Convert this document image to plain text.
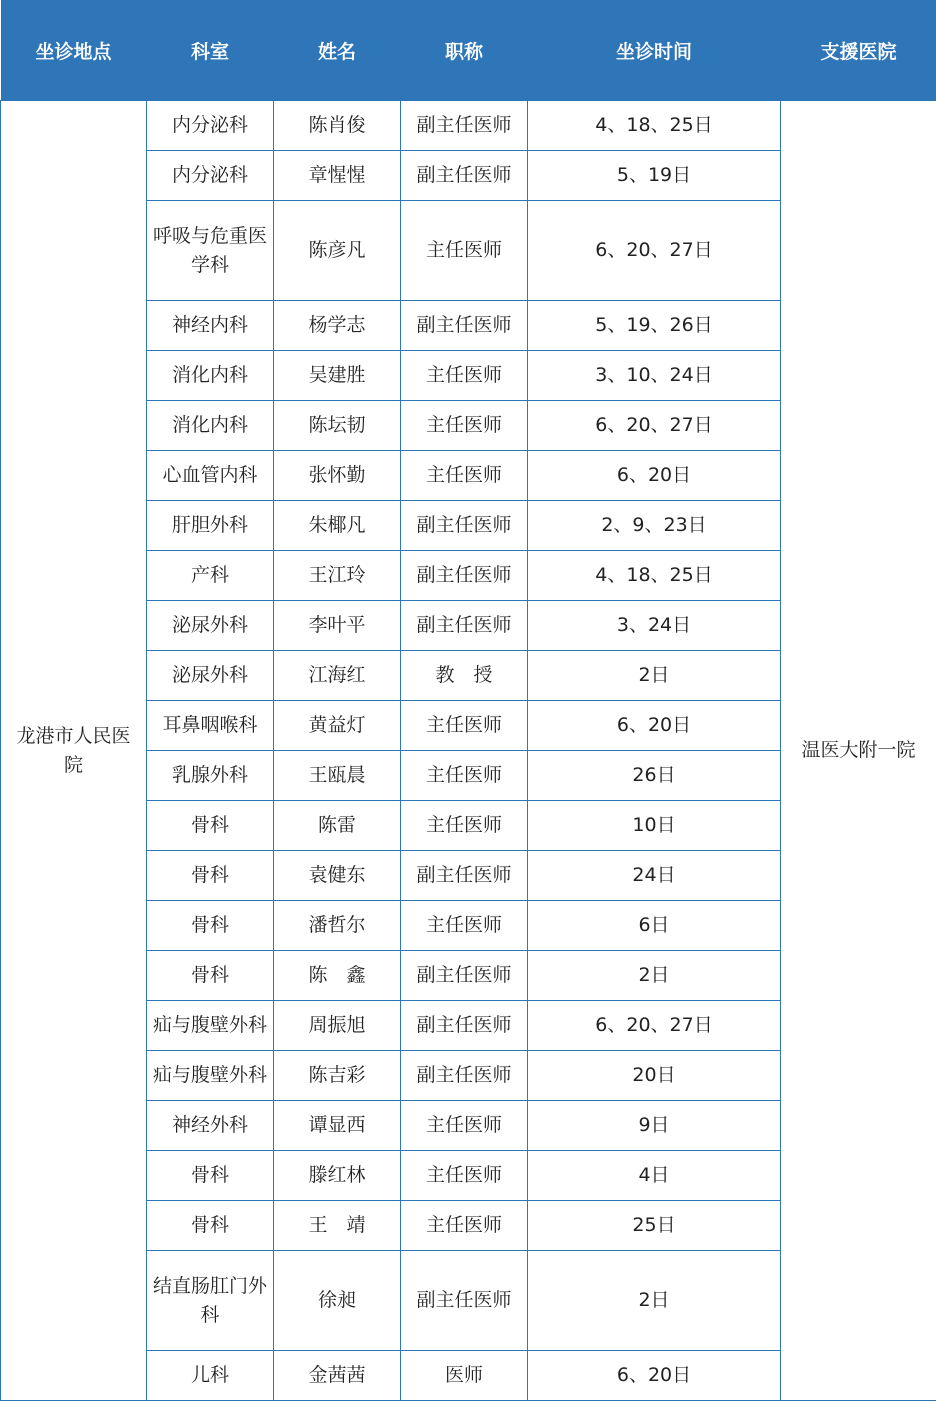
坐诊地点	科室	姓名	职称	坐诊时间	支援医院
龙港市人民医院	内分泌科	陈肖俊	副主任医师	4、18、25日	温医大附一院
	内分泌科	章惺惺	副主任医师	5、19日	
	呼吸与危重医学科	陈彦凡	主任医师	6、20、27日	
	神经内科	杨学志	副主任医师	5、19、26日	
	消化内科	吴建胜	主任医师	3、10、24日	
	消化内科	陈坛韧	主任医师	6、20、27日	
	心血管内科	张怀勤	主任医师	6、20日	
	肝胆外科	朱椰凡	副主任医师	2、9、23日	
	产科	王江玲	副主任医师	4、18、25日	
	泌尿外科	李叶平	副主任医师	3、24日	
	泌尿外科	江海红	教　授	2日	
	耳鼻咽喉科	黄益灯	主任医师	6、20日	
	乳腺外科	王瓯晨	主任医师	26日	
	骨科	陈雷	主任医师	10日	
	骨科	袁健东	副主任医师	24日	
	骨科	潘哲尔	主任医师	6日	
	骨科	陈　鑫	副主任医师	2日	
	疝与腹壁外科	周振旭	副主任医师	6、20、27日	
	疝与腹壁外科	陈吉彩	副主任医师	20日	
	神经外科	谭显西	主任医师	9日	
	骨科	滕红林	主任医师	4日	
	骨科	王　靖	主任医师	25日	
	结直肠肛门外科	徐昶	副主任医师	2日	
	儿科	金茜茜	医师	6、20日	
